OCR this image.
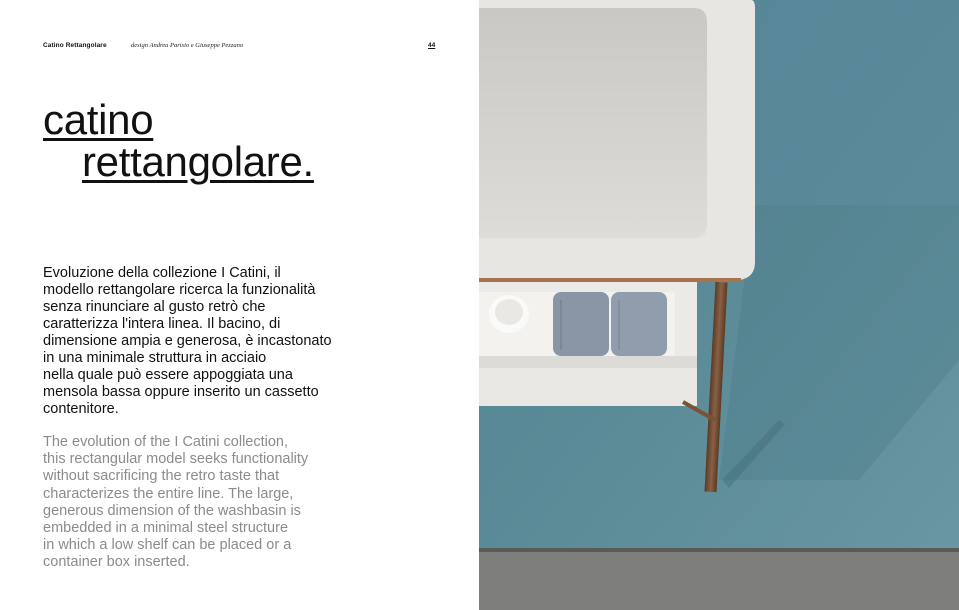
Catino Rettangolare	design Andrea Parisio e Giuseppe Pezzano	44
catino
rettangolare.
Evoluzione della collezione I Catini, il
modello rettangolare ricerca la funzionalità
senza rinunciare al gusto retrò che
caratterizza l'intera linea. Il bacino, di
dimensione ampia e generosa, è incastonato
in una minimale struttura in acciaio
nella quale può essere appoggiata una
mensola bassa oppure inserito un cassetto
contenitore.
The evolution of the I Catini collection,
this rectangular model seeks functionality
without sacrificing the retro taste that
characterizes the entire line. The large,
generous dimension of the washbasin is
embedded in a minimal steel structure
in which a low shelf can be placed or a
container box inserted.
